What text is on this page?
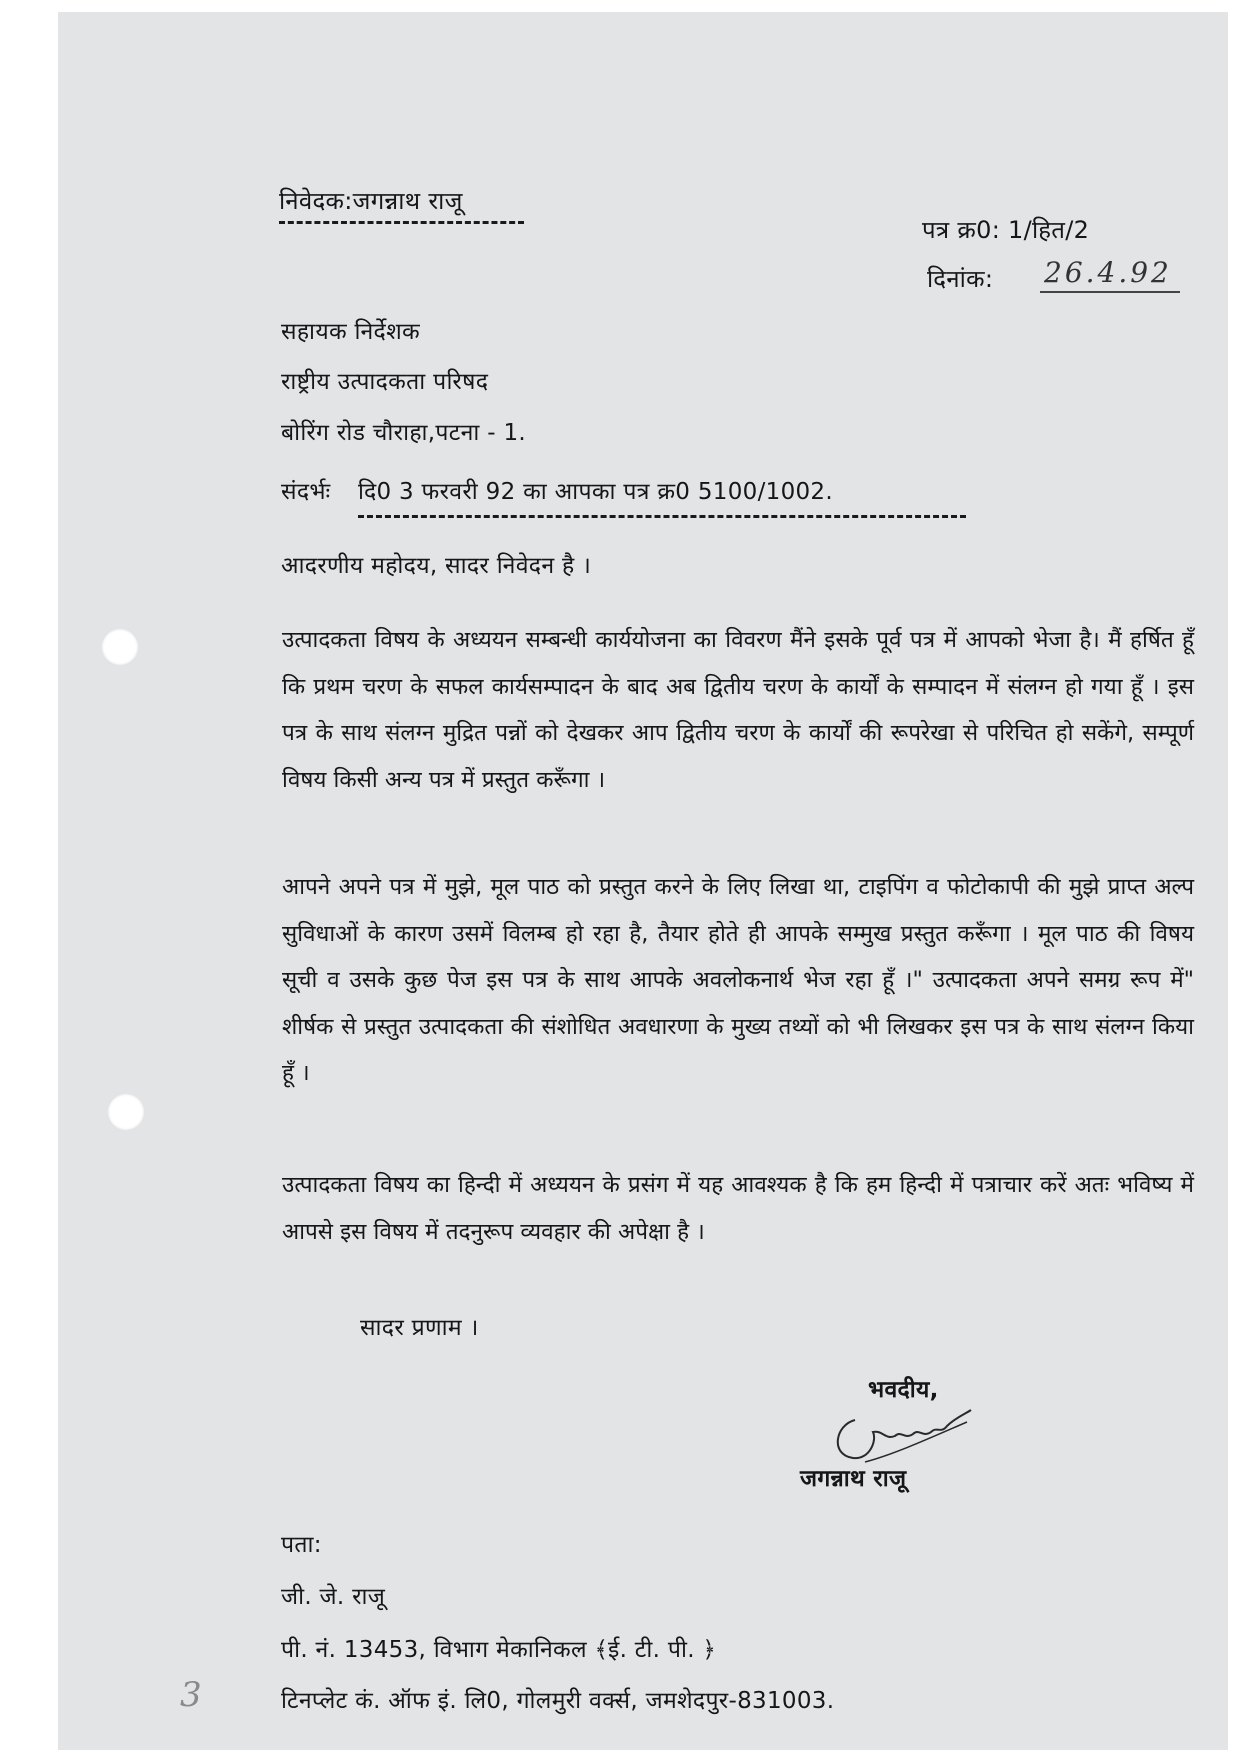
निवेदक:जगन्नाथ राजू
पत्र क्र0: 1/हित/2
दिनांक: 26.4.92
सहायक निर्देशक
राष्ट्रीय उत्पादकता परिषद
बोरिंग रोड चौराहा,पटना - 1.
संदर्भः दि0 3 फरवरी 92 का आपका पत्र क्र0 5100/1002.
आदरणीय महोदय, सादर निवेदन है ।
उत्पादकता विषय के अध्ययन सम्बन्धी कार्ययोजना का विवरण मैंने इसके पूर्व पत्र में आपको भेजा है। मैं हर्षित हूँ कि प्रथम चरण के सफल कार्यसम्पादन के बाद अब द्वितीय चरण के कार्यों के सम्पादन में संलग्न हो गया हूँ । इस पत्र के साथ संलग्न मुद्रित पन्नों को देखकर आप द्वितीय चरण के कार्यों की रूपरेखा से परिचित हो सकेंगे, सम्पूर्ण विषय किसी अन्य पत्र में प्रस्तुत करूँगा ।
आपने अपने पत्र में मुझे, मूल पाठ को प्रस्तुत करने के लिए लिखा था, टाइपिंग व फोटोकापी की मुझे प्राप्त अल्प सुविधाओं के कारण उसमें विलम्ब हो रहा है, तैयार होते ही आपके सम्मुख प्रस्तुत करूँगा । मूल पाठ की विषय सूची व उसके कुछ पेज इस पत्र के साथ आपके अवलोकनार्थ भेज रहा हूँ ।" उत्पादकता अपने समग्र रूप में" शीर्षक से प्रस्तुत उत्पादकता की संशोधित अवधारणा के मुख्य तथ्यों को भी लिखकर इस पत्र के साथ संलग्न किया हूँ ।
उत्पादकता विषय का हिन्दी में अध्ययन के प्रसंग में यह आवश्यक है कि हम हिन्दी में पत्राचार करें अतः भविष्य में आपसे इस विषय में तदनुरूप व्यवहार की अपेक्षा है ।
सादर प्रणाम ।
भवदीय,
जगन्नाथ राजू
पता:
जी. जे. राजू
पी. नं. 13453, विभाग मेकानिकल ﴾ई. टी. पी. ﴿
टिनप्लेट कं. ऑफ इं. लि0, गोलमुरी वर्क्स, जमशेदपुर-831003.
3
